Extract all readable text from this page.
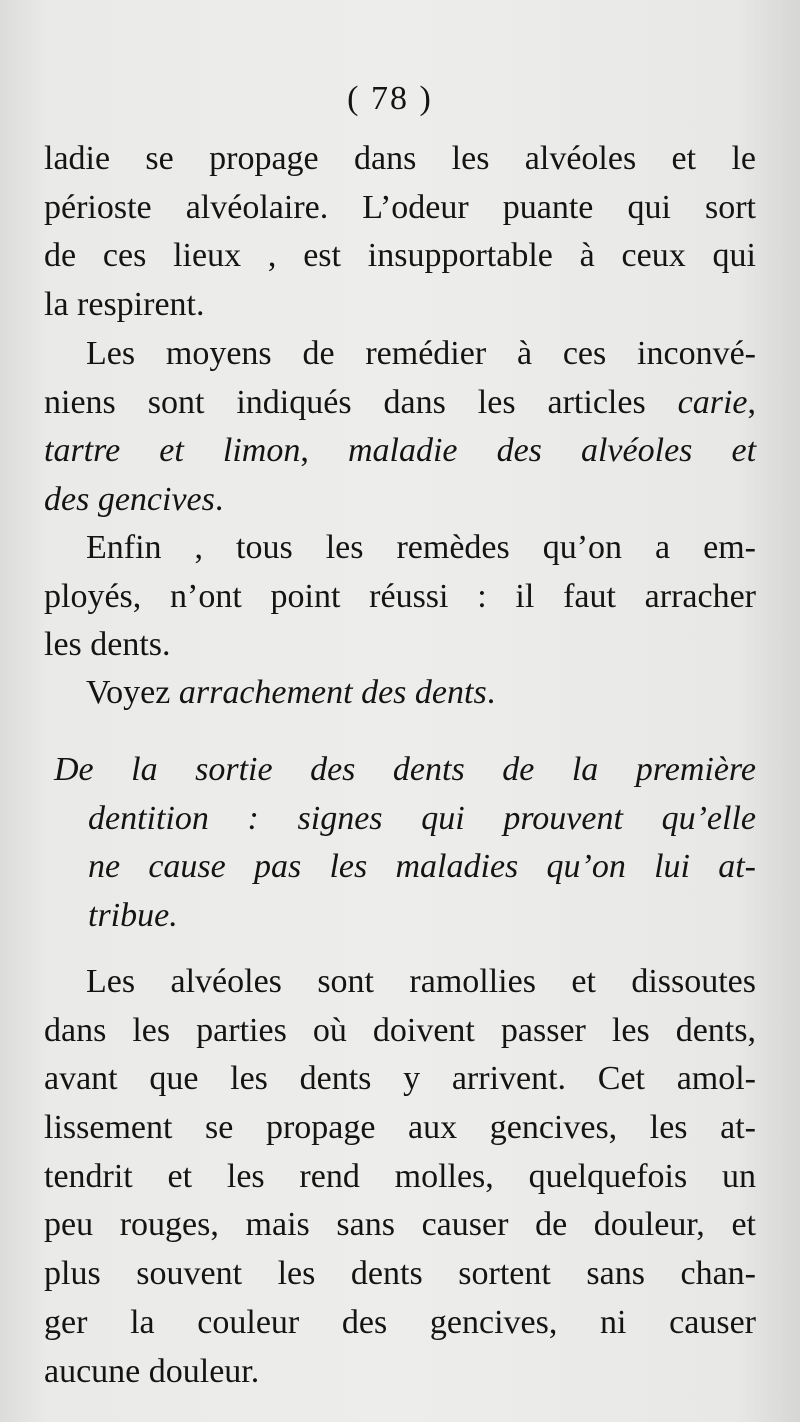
( 78 )
ladie se propage dans les alvéoles et le
périoste alvéolaire. L’odeur puante qui sort
de ces lieux , est insupportable à ceux qui
la respirent.
Les moyens de remédier à ces inconvé-
niens sont indiqués dans les articles carie,
tartre et limon, maladie des alvéoles et
des gencives.
Enfin , tous les remèdes qu’on a em-
ployés, n’ont point réussi : il faut arracher
les dents.
Voyez arrachement des dents.
De la sortie des dents de la première
dentition : signes qui prouvent qu’elle
ne cause pas les maladies qu’on lui at-
tribue.
Les alvéoles sont ramollies et dissoutes
dans les parties où doivent passer les dents,
avant que les dents y arrivent. Cet amol-
lissement se propage aux gencives, les at-
tendrit et les rend molles, quelquefois un
peu rouges, mais sans causer de douleur, et
plus souvent les dents sortent sans chan-
ger la couleur des gencives, ni causer
aucune douleur.
